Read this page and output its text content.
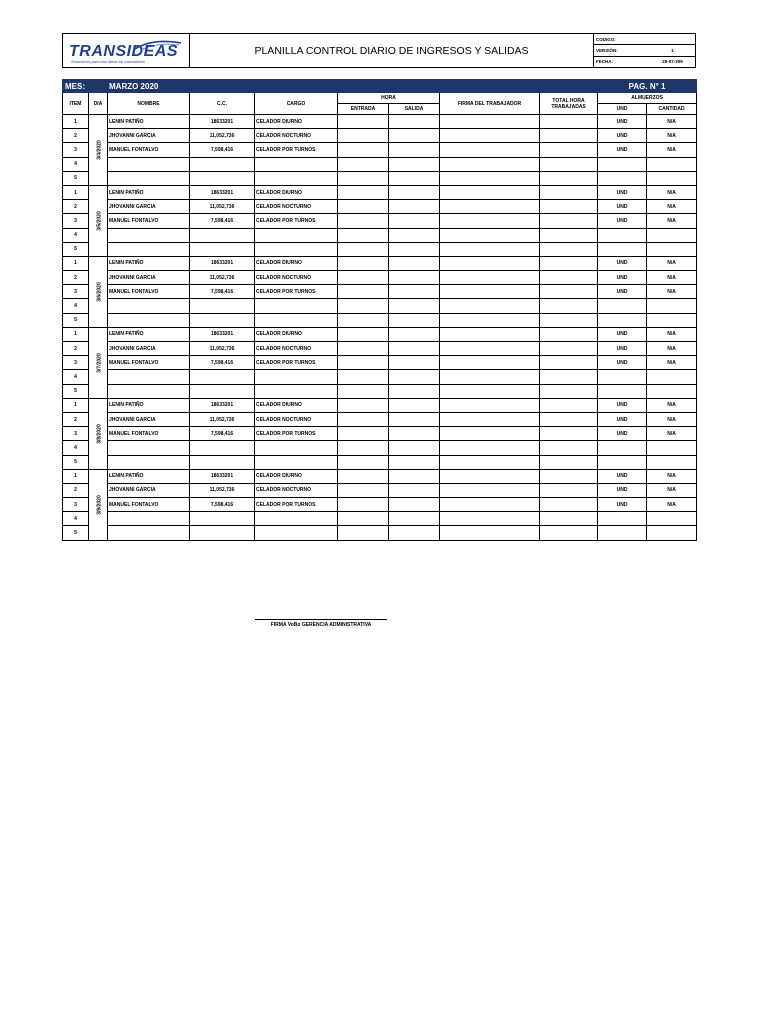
TRANSIDEAS
Soluciones para sus ideas en movimiento
PLANILLA CONTROL DIARIO DE INGRESOS Y SALIDAS
CODIGO:
VERSIÓN:	1
FECHA:	25-07-209
MES:		MARZO 2020							PAG. N° 1	
ITEM	DIA	NOMBRE	C.C.	CARGO	HORA		FIRMA DEL TRABAJADOR	TOTAL HORA TRABAJADAS	ALMUERZOS	
					ENTRADA	SALIDA			UND	CANTIDAD
1	3/4/2020	LENIN PATIÑO	18633201	CELADOR DIURNO					UND	N/A
2		JHOVANNI GARCIA	11,052,736	CELADOR NOCTURNO					UND	N/A
3		MANUEL FONTALVO	7,598,416	CELADOR POR TURNOS					UND	N/A
4										
5										
1	3/5/2020	LENIN PATIÑO	18633201	CELADOR DIURNO					UND	N/A
2		JHOVANNI GARCIA	11,052,736	CELADOR NOCTURNO					UND	N/A
3		MANUEL FONTALVO	7,598,416	CELADOR POR TURNOS					UND	N/A
4										
5										
1	3/6/2020	LENIN PATIÑO	18633201	CELADOR DIURNO					UND	N/A
2		JHOVANNI GARCIA	11,052,736	CELADOR NOCTURNO					UND	N/A
3		MANUEL FONTALVO	7,598,416	CELADOR POR TURNOS					UND	N/A
4										
5										
1	3/7/2020	LENIN PATIÑO	18633201	CELADOR DIURNO					UND	N/A
2		JHOVANNI GARCIA	11,052,736	CELADOR NOCTURNO					UND	N/A
3		MANUEL FONTALVO	7,598,416	CELADOR POR TURNOS					UND	N/A
4										
5										
1	3/8/2020	LENIN PATIÑO	18633201	CELADOR DIURNO					UND	N/A
2		JHOVANNI GARCIA	11,052,736	CELADOR NOCTURNO					UND	N/A
3		MANUEL FONTALVO	7,598,416	CELADOR POR TURNOS					UND	N/A
4										
5										
1	3/9/2020	LENIN PATIÑO	18633201	CELADOR DIURNO					UND	N/A
2		JHOVANNI GARCIA	11,052,736	CELADOR NOCTURNO					UND	N/A
3		MANUEL FONTALVO	7,598,416	CELADOR POR TURNOS					UND	N/A
4										
5										
FIRMA VoBo GERENCIA ADMINISTRATIVA
